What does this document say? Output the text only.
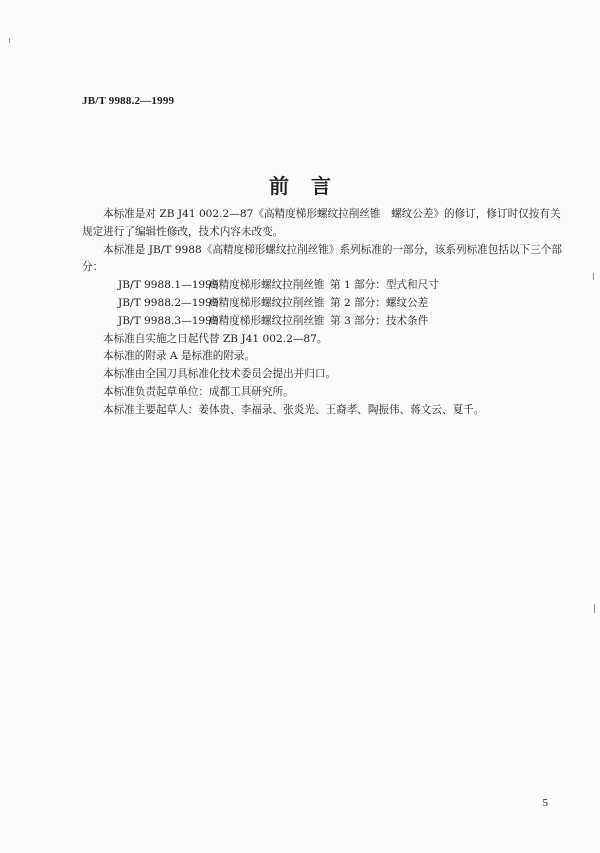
JB/T 9988.2—1999
前言

本标准是对 ZB J41 002.2—87《高精度梯形螺纹拉削丝锥　螺纹公差》的修订，修订时仅按有关规定进行了编辑性修改，技术内容未改变。

本标准是 JB/T 9988《高精度梯形螺纹拉削丝锥》系列标准的一部分，该系列标准包括以下三个部分：

JB/T 9988.1—1999高精度梯形螺纹拉削丝锥 第 1 部分：型式和尺寸

JB/T 9988.2—1999高精度梯形螺纹拉削丝锥 第 2 部分：螺纹公差

JB/T 9988.3—1999高精度梯形螺纹拉削丝锥 第 3 部分：技术条件

本标准自实施之日起代替 ZB J41 002.2—87。

本标准的附录 A 是标准的附录。

本标准由全国刀具标准化技术委员会提出并归口。

本标准负责起草单位：成都工具研究所。

本标准主要起草人：姜体贵、李福录、张炎光、王裔孝、陶振伟、蒋文云、夏千。

5
